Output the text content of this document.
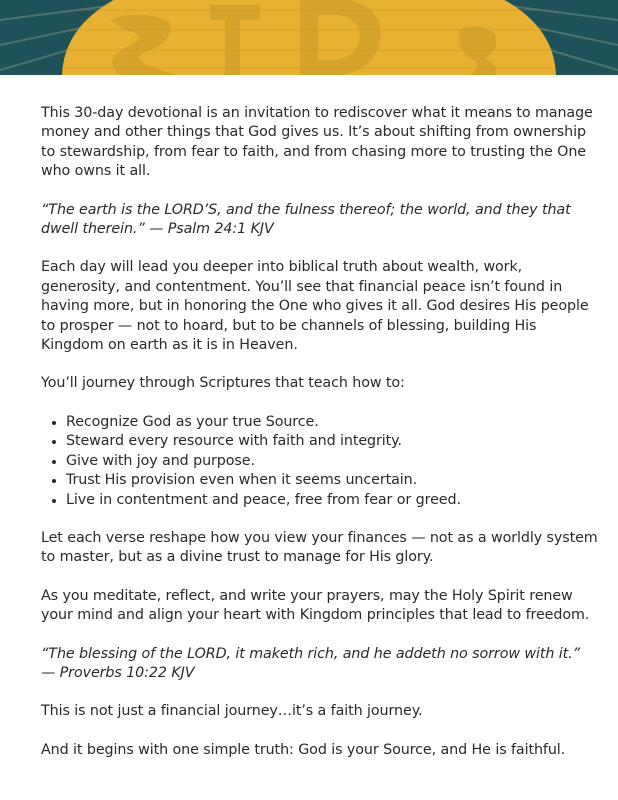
This 30-day devotional is an invitation to rediscover what it means to manage money and other things that God gives us. It’s about shifting from ownership to stewardship, from fear to faith, and from chasing more to trusting the One who owns it all.

“The earth is the LORD’S, and the fulness thereof; the world, and they that dwell therein.” — Psalm 24:1 KJV

Each day will lead you deeper into biblical truth about wealth, work, generosity, and contentment. You’ll see that financial peace isn’t found in having more, but in honoring the One who gives it all. God desires His people to prosper — not to hoard, but to be channels of blessing, building His Kingdom on earth as it is in Heaven.

You’ll journey through Scriptures that teach how to:

• Recognize God as your true Source.
• Steward every resource with faith and integrity.
• Give with joy and purpose.
• Trust His provision even when it seems uncertain.
• Live in contentment and peace, free from fear or greed.

Let each verse reshape how you view your finances — not as a worldly system to master, but as a divine trust to manage for His glory.

As you meditate, reflect, and write your prayers, may the Holy Spirit renew your mind and align your heart with Kingdom principles that lead to freedom.

“The blessing of the LORD, it maketh rich, and he addeth no sorrow with it.”
— Proverbs 10:22 KJV

This is not just a financial journey…it’s a faith journey.

And it begins with one simple truth: God is your Source, and He is faithful.
